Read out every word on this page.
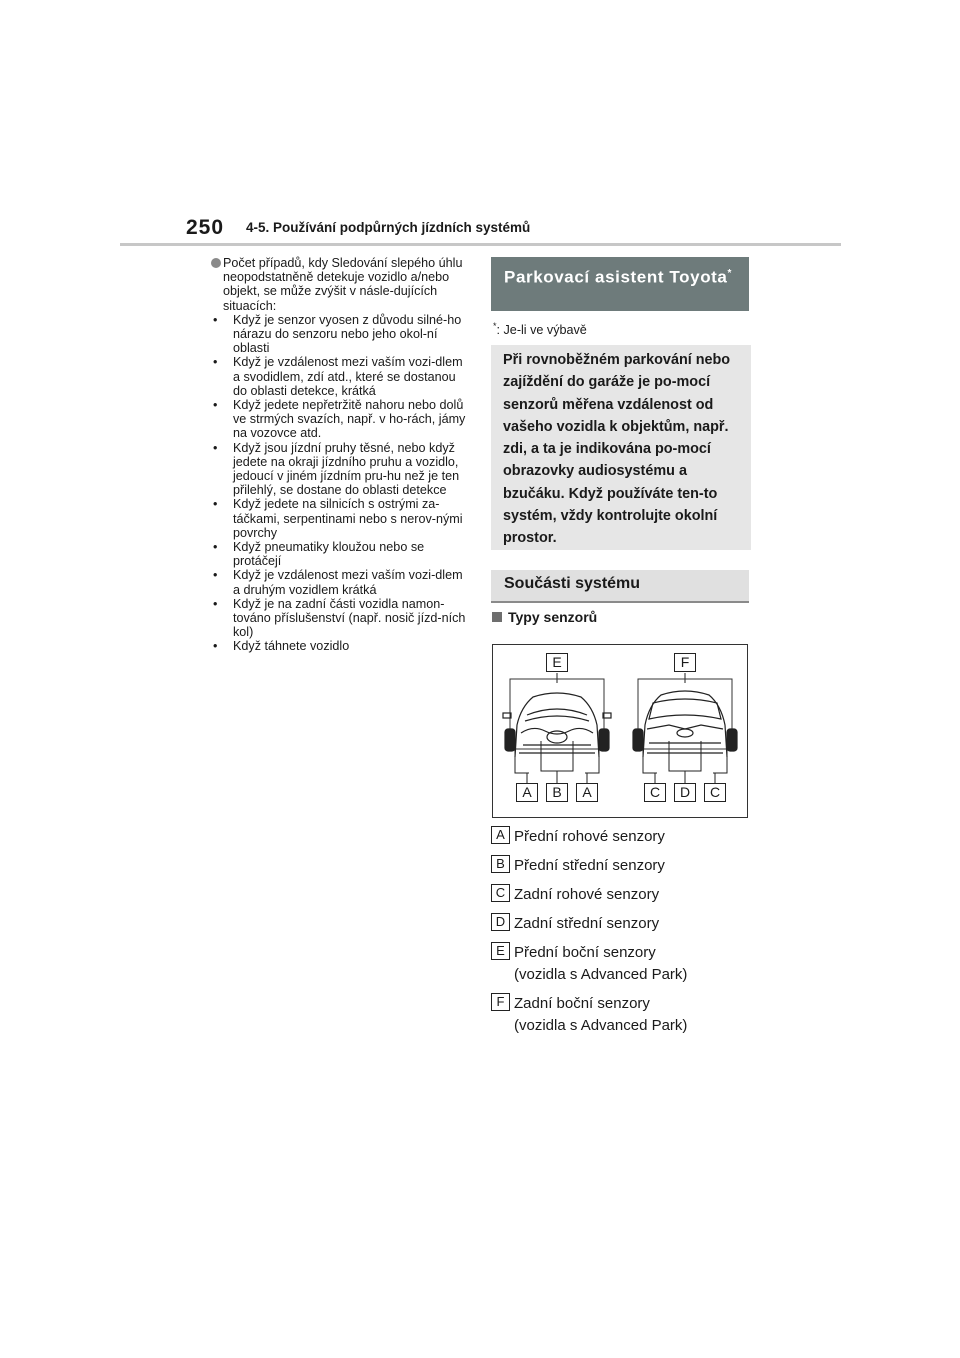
250 4-5. Používání podpůrných jízdních systémů
Počet případů, kdy Sledování slepého úhlu neopodstatněně detekuje vozidlo a/nebo objekt, se může zvýšit v násle-dujících situacích:
• Když je senzor vyosen z důvodu silné-ho nárazu do senzoru nebo jeho okol-ní oblasti
• Když je vzdálenost mezi vaším vozi-dlem a svodidlem, zdí atd., které se dostanou do oblasti detekce, krátká
• Když jedete nepřetržitě nahoru nebo dolů ve strmých svazích, např. v ho-rách, jámy na vozovce atd.
• Když jsou jízdní pruhy těsné, nebo když jedete na okraji jízdního pruhu a vozidlo, jedoucí v jiném jízdním pru-hu než je ten přilehlý, se dostane do oblasti detekce
• Když jedete na silnicích s ostrými za-táčkami, serpentinami nebo s nerov-nými povrchy
• Když pneumatiky kloužou nebo se protáčejí
• Když je vzdálenost mezi vaším vozi-dlem a druhým vozidlem krátká
• Když je na zadní části vozidla namon-továno příslušenství (např. nosič jízd-ních kol)
• Když táhnete vozidlo
Parkovací asistent Toyota*
*: Je-li ve výbavě
Při rovnoběžném parkování nebo zajíždění do garáže je po-mocí senzorů měřena vzdálenost od vašeho vozidla k objektům, např. zdi, a ta je indikována po-mocí obrazovky audiosystému a bzučáku. Když používáte ten-to systém, vždy kontrolujte okolní prostor.
Součásti systému
Typy senzorů
E	F
A	B	A	C	D	C
A Přední rohové senzory
B Přední střední senzory
C Zadní rohové senzory
D Zadní střední senzory
E Přední boční senzory (vozidla s Advanced Park)
F Zadní boční senzory (vozidla s Advanced Park)
